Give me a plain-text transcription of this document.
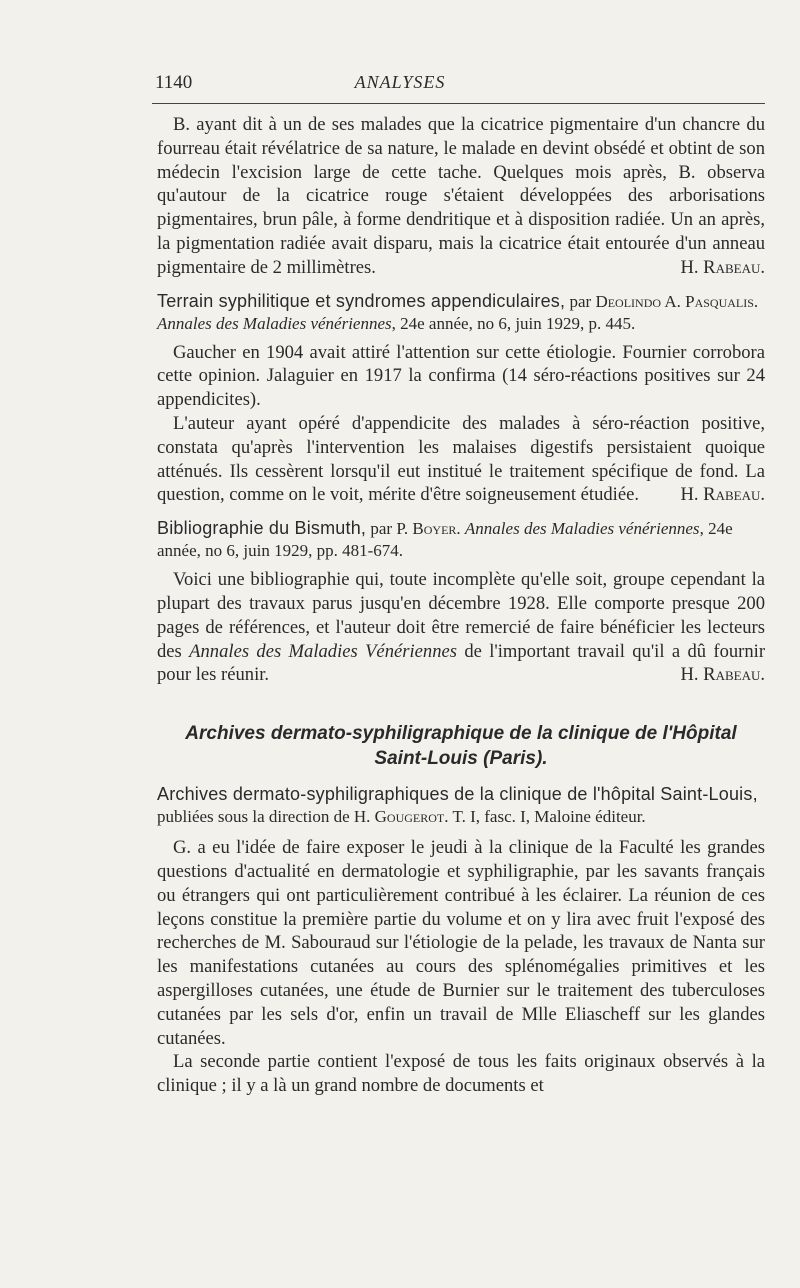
1140	ANALYSES

B. ayant dit à un de ses malades que la cicatrice pigmentaire d'un chancre du fourreau était révélatrice de sa nature, le malade en devint obsédé et obtint de son médecin l'excision large de cette tache. Quelques mois après, B. observa qu'autour de la cicatrice rouge s'étaient développées des arborisations pigmentaires, brun pâle, à forme dendritique et à disposition radiée. Un an après, la pigmentation radiée avait disparu, mais la cicatrice était entourée d'un anneau pigmentaire de 2 millimètres.	H. Rabeau.

Terrain syphilitique et syndromes appendiculaires, par Deolindo A. Pasqualis. Annales des Maladies vénériennes, 24e année, no 6, juin 1929, p. 445.

Gaucher en 1904 avait attiré l'attention sur cette étiologie. Fournier corrobora cette opinion. Jalaguier en 1917 la confirma (14 séro-réactions positives sur 24 appendicites).

L'auteur ayant opéré d'appendicite des malades à séro-réaction positive, constata qu'après l'intervention les malaises digestifs persistaient quoique atténués. Ils cessèrent lorsqu'il eut institué le traitement spécifique de fond. La question, comme on le voit, mérite d'être soigneusement étudiée.	H. Rabeau.

Bibliographie du Bismuth, par P. Boyer. Annales des Maladies vénériennes, 24e année, no 6, juin 1929, pp. 481-674.

Voici une bibliographie qui, toute incomplète qu'elle soit, groupe cependant la plupart des travaux parus jusqu'en décembre 1928. Elle comporte presque 200 pages de références, et l'auteur doit être remercié de faire bénéficier les lecteurs des Annales des Maladies Vénériennes de l'important travail qu'il a dû fournir pour les réunir.	H. Rabeau.

Archives dermato-syphiligraphique de la clinique de l'Hôpital
Saint-Louis (Paris).
Archives dermato-syphiligraphiques de la clinique de l'hôpital Saint-Louis, publiées sous la direction de H. Gougerot. T. I, fasc. I, Maloine éditeur.

G. a eu l'idée de faire exposer le jeudi à la clinique de la Faculté les grandes questions d'actualité en dermatologie et syphiligraphie, par les savants français ou étrangers qui ont particulièrement contribué à les éclairer. La réunion de ces leçons constitue la première partie du volume et on y lira avec fruit l'exposé des recherches de M. Sabouraud sur l'étiologie de la pelade, les travaux de Nanta sur les manifestations cutanées au cours des splénomégalies primitives et les aspergilloses cutanées, une étude de Burnier sur le traitement des tuberculoses cutanées par les sels d'or, enfin un travail de Mlle Eliascheff sur les glandes cutanées.

La seconde partie contient l'exposé de tous les faits originaux observés à la clinique ; il y a là un grand nombre de documents et
